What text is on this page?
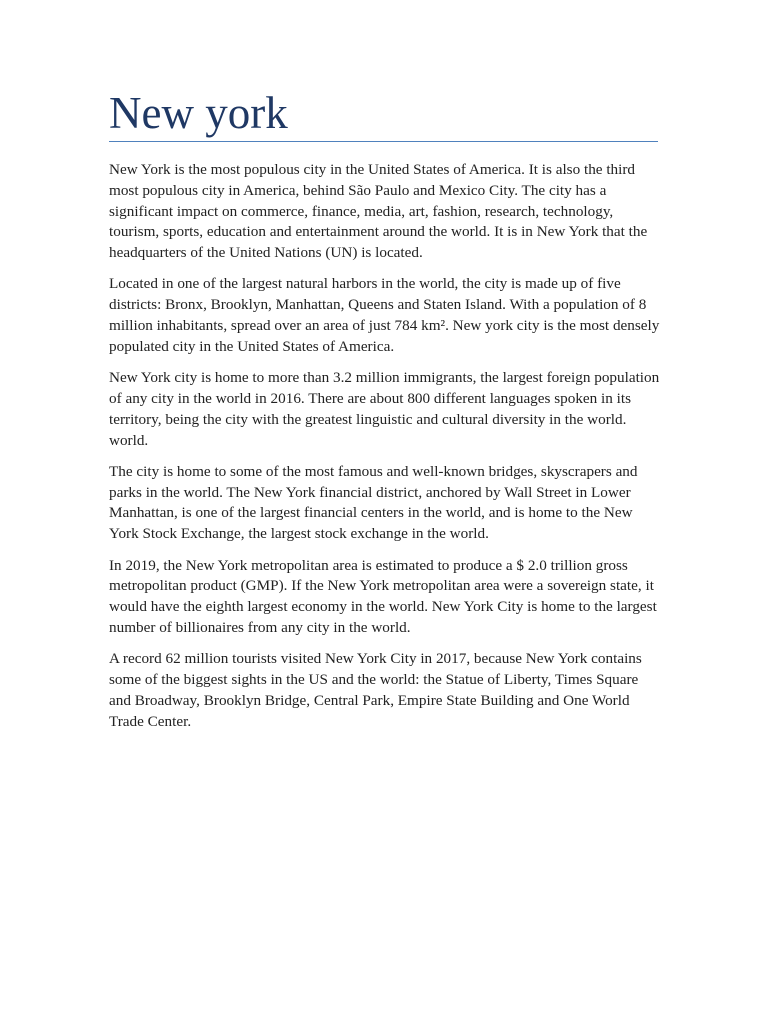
New york

New York is the most populous city in the United States of America. It is also the third most populous city in America, behind São Paulo and Mexico City. The city has a significant impact on commerce, finance, media, art, fashion, research, technology, tourism, sports, education and entertainment around the world. It is in New York that the headquarters of the United Nations (UN) is located.

Located in one of the largest natural harbors in the world, the city is made up of five districts: Bronx, Brooklyn, Manhattan, Queens and Staten Island. With a population of 8 million inhabitants, spread over an area of just 784 km². New york city is the most densely populated city in the United States of America.

New York city is home to more than 3.2 million immigrants, the largest foreign population of any city in the world in 2016. There are about 800 different languages spoken in its territory, being the city with the greatest linguistic and cultural diversity in the world. world.

The city is home to some of the most famous and well-known bridges, skyscrapers and parks in the world. The New York financial district, anchored by Wall Street in Lower Manhattan, is one of the largest financial centers in the world, and is home to the New York Stock Exchange, the largest stock exchange in the world.

In 2019, the New York metropolitan area is estimated to produce a $ 2.0 trillion gross metropolitan product (GMP). If the New York metropolitan area were a sovereign state, it would have the eighth largest economy in the world. New York City is home to the largest number of billionaires from any city in the world.

A record 62 million tourists visited New York City in 2017, because New York contains some of the biggest sights in the US and the world: the Statue of Liberty, Times Square and Broadway, Brooklyn Bridge, Central Park, Empire State Building and One World Trade Center.
